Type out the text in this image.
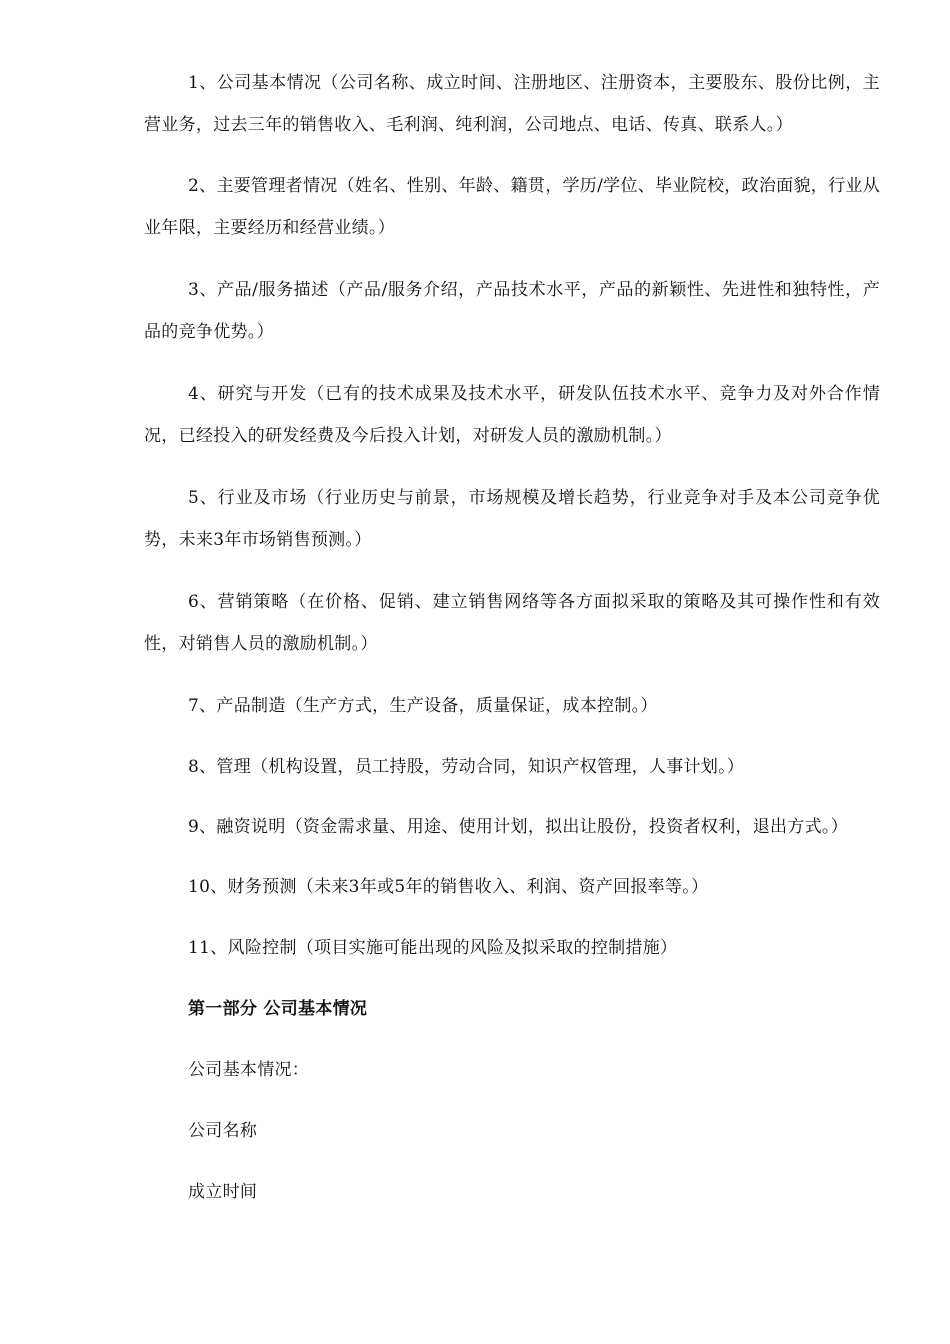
1、公司基本情况（公司名称、成立时间、注册地区、注册资本，主要股东、股份比例，主营业务，过去三年的销售收入、毛利润、纯利润，公司地点、电话、传真、联系人。）

2、主要管理者情况（姓名、性别、年龄、籍贯，学历/学位、毕业院校，政治面貌，行业从业年限，主要经历和经营业绩。）

3、产品/服务描述（产品/服务介绍，产品技术水平，产品的新颖性、先进性和独特性，产品的竞争优势。）

4、研究与开发（已有的技术成果及技术水平，研发队伍技术水平、竞争力及对外合作情况，已经投入的研发经费及今后投入计划，对研发人员的激励机制。）

5、行业及市场（行业历史与前景，市场规模及增长趋势，行业竞争对手及本公司竞争优势，未来3年市场销售预测。）

6、营销策略（在价格、促销、建立销售网络等各方面拟采取的策略及其可操作性和有效性，对销售人员的激励机制。）

7、产品制造（生产方式，生产设备，质量保证，成本控制。）

8、管理（机构设置，员工持股，劳动合同，知识产权管理，人事计划。）

9、融资说明（资金需求量、用途、使用计划，拟出让股份，投资者权利，退出方式。）

10、财务预测（未来3年或5年的销售收入、利润、资产回报率等。）

11、风险控制（项目实施可能出现的风险及拟采取的控制措施）

第一部分 公司基本情况

公司基本情况：

公司名称

成立时间
